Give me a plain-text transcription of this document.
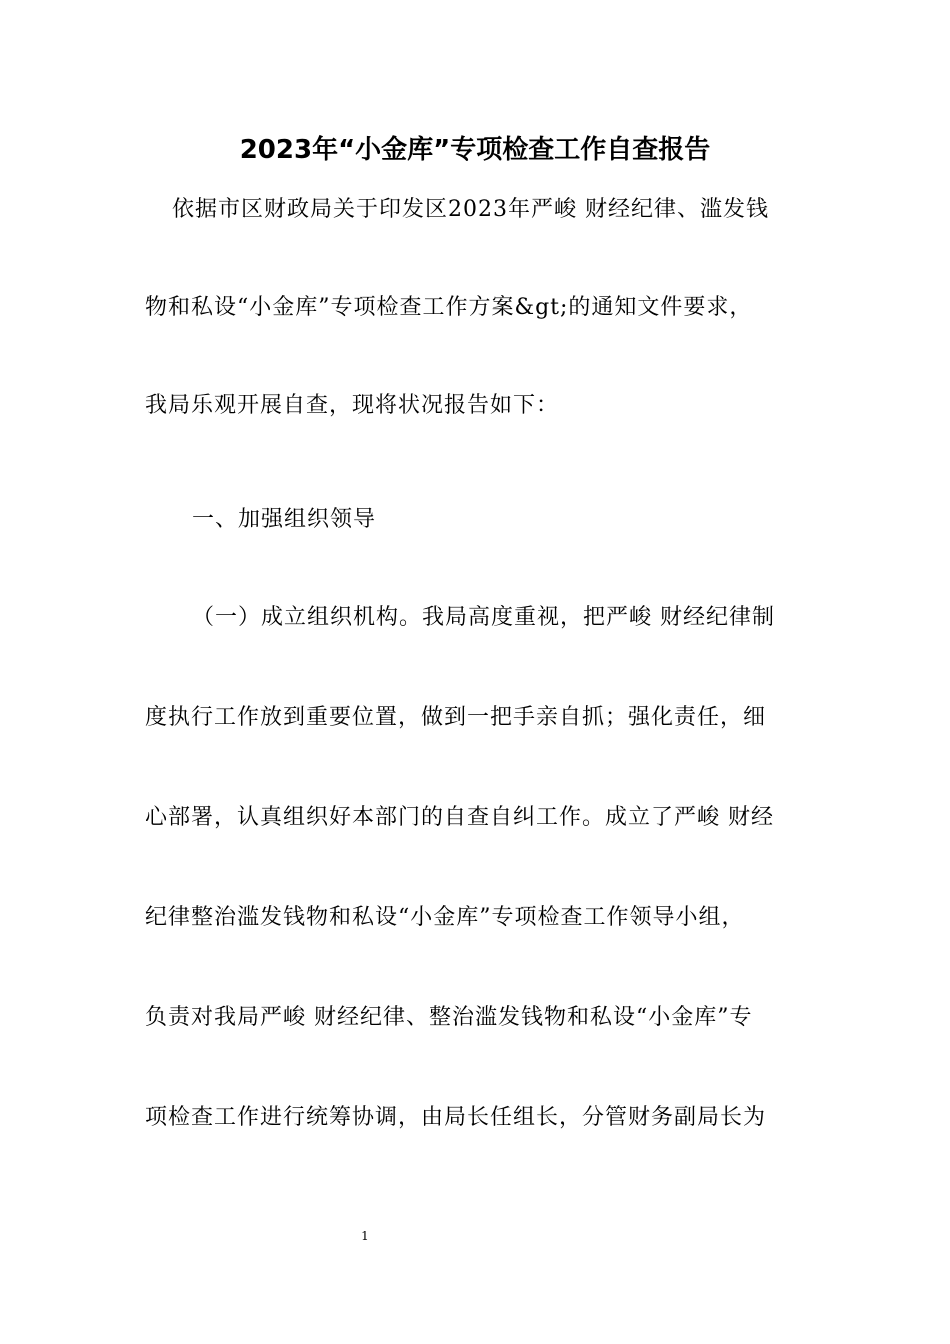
2023年“小金库”专项检查工作自查报告
依据市区财政局关于印发区2023年严峻 财经纪律、滥发钱
物和私设“小金库”专项检查工作方案&gt;的通知文件要求，
我局乐观开展自查，现将状况报告如下：
一、加强组织领导
（一）成立组织机构。我局高度重视，把严峻 财经纪律制
度执行工作放到重要位置，做到一把手亲自抓；强化责任，细
心部署，认真组织好本部门的自查自纠工作。成立了严峻 财经
纪律整治滥发钱物和私设“小金库”专项检查工作领导小组，
负责对我局严峻 财经纪律、整治滥发钱物和私设“小金库”专
项检查工作进行统筹协调，由局长任组长，分管财务副局长为
1
